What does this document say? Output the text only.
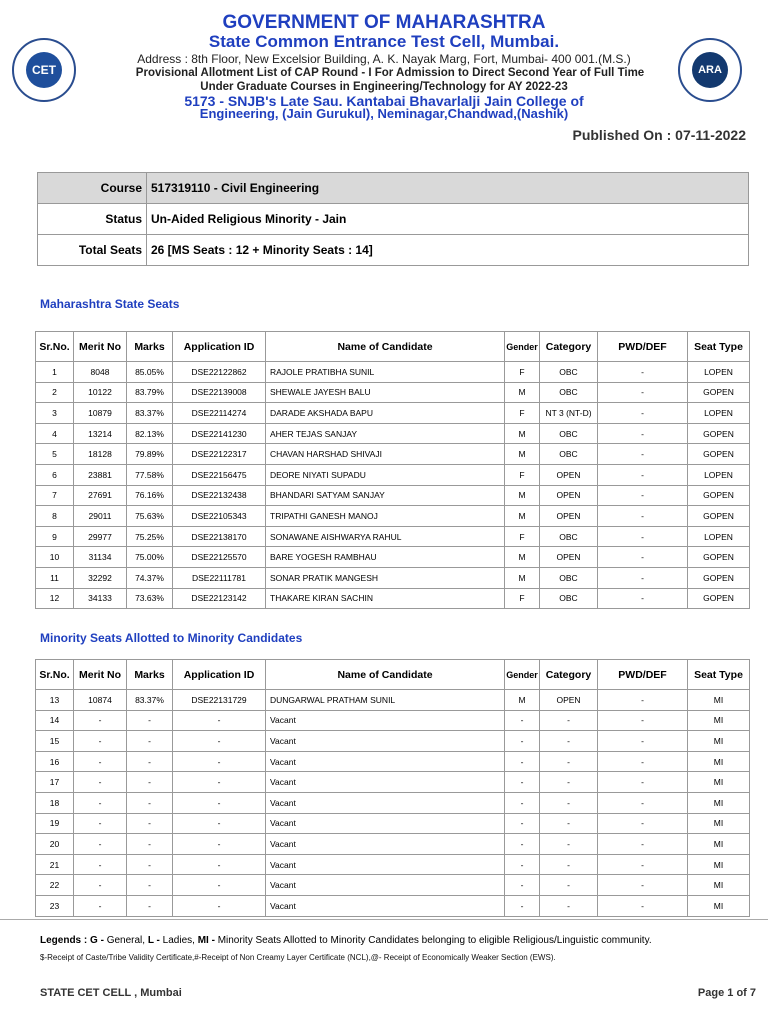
CET	ARA
GOVERNMENT OF MAHARASHTRA
State Common Entrance Test Cell, Mumbai.
Address : 8th Floor, New Excelsior Building, A. K. Nayak Marg, Fort, Mumbai- 400 001.(M.S.)
Provisional Allotment List of CAP Round - I For Admission to Direct Second Year of Full Time
Under Graduate Courses in Engineering/Technology for AY 2022-23
5173 - SNJB's Late Sau. Kantabai Bhavarlalji Jain College of
Engineering, (Jain Gurukul), Neminagar,Chandwad,(Nashik)
Published On : 07-11-2022
Course	517319110 - Civil Engineering
Status	Un-Aided Religious Minority - Jain
Total Seats	26 [MS Seats : 12 + Minority Seats : 14]
Maharashtra State Seats
Sr.No.	Merit No	Marks	Application ID	Name of Candidate	Gender	Category	PWD/DEF	Seat Type
1	8048	85.05%	DSE22122862	RAJOLE PRATIBHA SUNIL	F	OBC	-	LOPEN
2	10122	83.79%	DSE22139008	SHEWALE JAYESH BALU	M	OBC	-	GOPEN
3	10879	83.37%	DSE22114274	DARADE AKSHADA BAPU	F	NT 3 (NT-D)	-	LOPEN
4	13214	82.13%	DSE22141230	AHER TEJAS SANJAY	M	OBC	-	GOPEN
5	18128	79.89%	DSE22122317	CHAVAN HARSHAD SHIVAJI	M	OBC	-	GOPEN
6	23881	77.58%	DSE22156475	DEORE NIYATI SUPADU	F	OPEN	-	LOPEN
7	27691	76.16%	DSE22132438	BHANDARI SATYAM SANJAY	M	OPEN	-	GOPEN
8	29011	75.63%	DSE22105343	TRIPATHI GANESH MANOJ	M	OPEN	-	GOPEN
9	29977	75.25%	DSE22138170	SONAWANE AISHWARYA RAHUL	F	OBC	-	LOPEN
10	31134	75.00%	DSE22125570	BARE YOGESH RAMBHAU	M	OPEN	-	GOPEN
11	32292	74.37%	DSE22111781	SONAR PRATIK MANGESH	M	OBC	-	GOPEN
12	34133	73.63%	DSE22123142	THAKARE KIRAN SACHIN	F	OBC	-	GOPEN
Minority Seats Allotted to Minority Candidates
Sr.No.	Merit No	Marks	Application ID	Name of Candidate	Gender	Category	PWD/DEF	Seat Type
13	10874	83.37%	DSE22131729	DUNGARWAL PRATHAM SUNIL	M	OPEN	-	MI
14	-	-	-	Vacant	-	-	-	MI
15	-	-	-	Vacant	-	-	-	MI
16	-	-	-	Vacant	-	-	-	MI
17	-	-	-	Vacant	-	-	-	MI
18	-	-	-	Vacant	-	-	-	MI
19	-	-	-	Vacant	-	-	-	MI
20	-	-	-	Vacant	-	-	-	MI
21	-	-	-	Vacant	-	-	-	MI
22	-	-	-	Vacant	-	-	-	MI
23	-	-	-	Vacant	-	-	-	MI
Legends : G - General, L - Ladies, MI - Minority Seats Allotted to Minority Candidates belonging to eligible Religious/Linguistic community.
$-Receipt of Caste/Tribe Validity Certificate,#-Receipt of Non Creamy Layer Certificate (NCL),@- Receipt of Economically Weaker Section (EWS).
STATE CET CELL , Mumbai	Page 1 of 7
